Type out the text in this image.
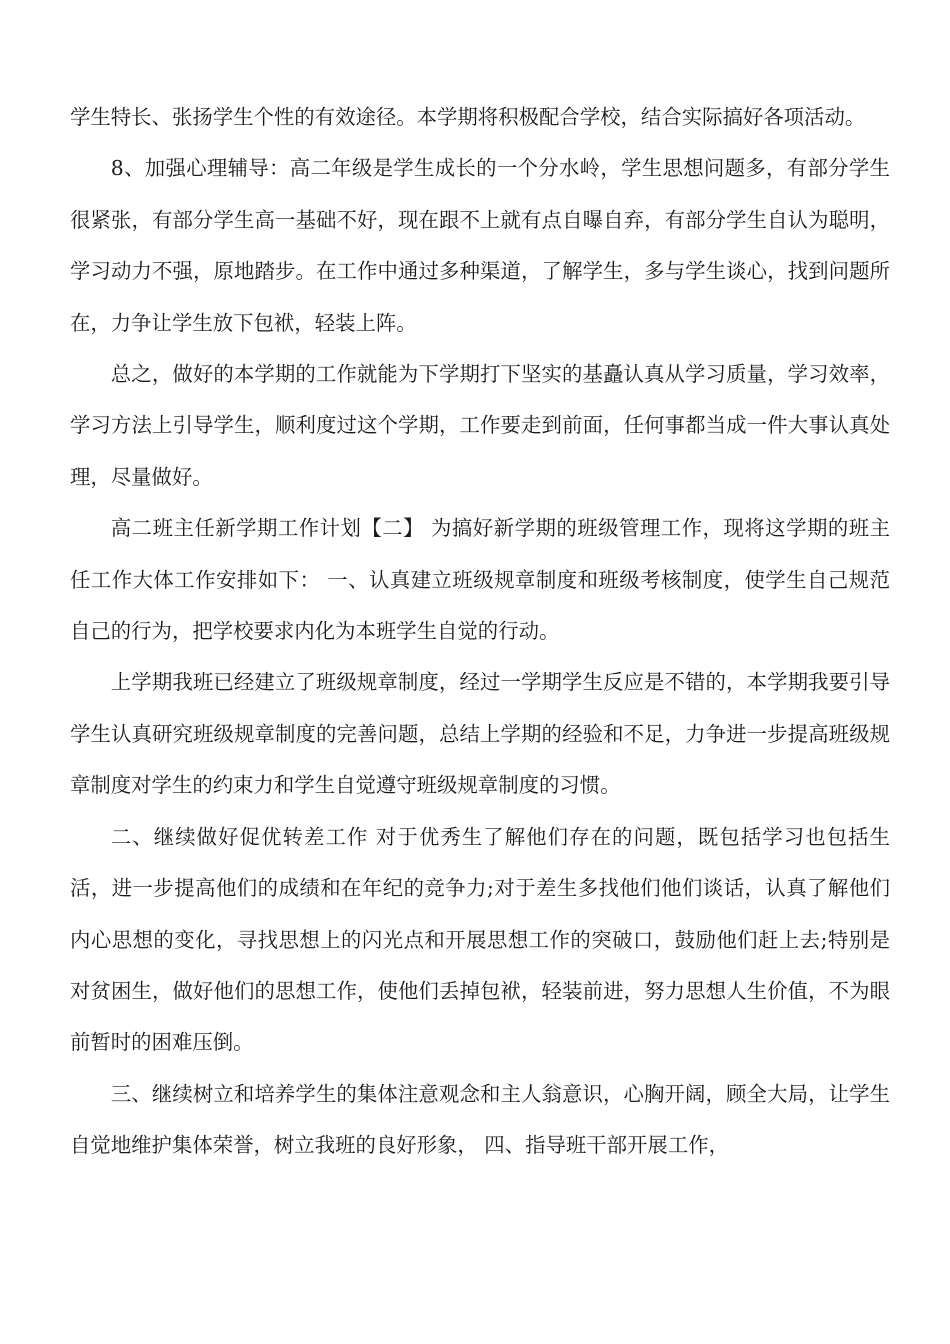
学生特长、张扬学生个性的有效途径。本学期将积极配合学校，结合实际搞好各项活动。

8、加强心理辅导：高二年级是学生成长的一个分水岭，学生思想问题多，有部分学生很紧张，有部分学生高一基础不好，现在跟不上就有点自曝自弃，有部分学生自认为聪明，学习动力不强，原地踏步。在工作中通过多种渠道，了解学生，多与学生谈心，找到问题所在，力争让学生放下包袱，轻装上阵。

总之，做好的本学期的工作就能为下学期打下坚实的基矗认真从学习质量，学习效率，学习方法上引导学生，顺利度过这个学期，工作要走到前面，任何事都当成一件大事认真处理，尽量做好。

高二班主任新学期工作计划【二】 为搞好新学期的班级管理工作，现将这学期的班主任工作大体工作安排如下： 一、认真建立班级规章制度和班级考核制度，使学生自己规范自己的行为，把学校要求内化为本班学生自觉的行动。

上学期我班已经建立了班级规章制度，经过一学期学生反应是不错的，本学期我要引导学生认真研究班级规章制度的完善问题，总结上学期的经验和不足，力争进一步提高班级规章制度对学生的约束力和学生自觉遵守班级规章制度的习惯。

二、继续做好促优转差工作 对于优秀生了解他们存在的问题，既包括学习也包括生活，进一步提高他们的成绩和在年纪的竞争力;对于差生多找他们他们谈话，认真了解他们内心思想的变化，寻找思想上的闪光点和开展思想工作的突破口，鼓励他们赶上去;特别是对贫困生，做好他们的思想工作，使他们丢掉包袱，轻装前进，努力思想人生价值，不为眼前暂时的困难压倒。

三、继续树立和培养学生的集体注意观念和主人翁意识，心胸开阔，顾全大局，让学生自觉地维护集体荣誉，树立我班的良好形象， 四、指导班干部开展工作，
